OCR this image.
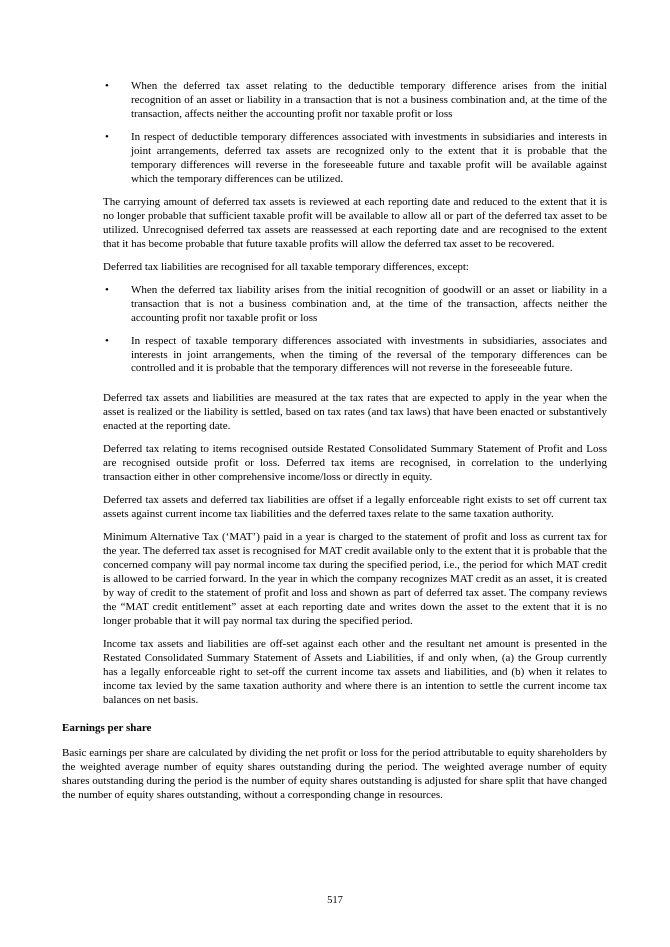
•	When the deferred tax asset relating to the deductible temporary difference arises from the initial recognition of an asset or liability in a transaction that is not a business combination and, at the time of the transaction, affects neither the accounting profit nor taxable profit or loss
•	In respect of deductible temporary differences associated with investments in subsidiaries and interests in joint arrangements, deferred tax assets are recognized only to the extent that it is probable that the temporary differences will reverse in the foreseeable future and taxable profit will be available against which the temporary differences can be utilized.
The carrying amount of deferred tax assets is reviewed at each reporting date and reduced to the extent that it is no longer probable that sufficient taxable profit will be available to allow all or part of the deferred tax asset to be utilized. Unrecognised deferred tax assets are reassessed at each reporting date and are recognised to the extent that it has become probable that future taxable profits will allow the deferred tax asset to be recovered.
Deferred tax liabilities are recognised for all taxable temporary differences, except:
•	When the deferred tax liability arises from the initial recognition of goodwill or an asset or liability in a transaction that is not a business combination and, at the time of the transaction, affects neither the accounting profit nor taxable profit or loss
•	In respect of taxable temporary differences associated with investments in subsidiaries, associates and interests in joint arrangements, when the timing of the reversal of the temporary differences can be controlled and it is probable that the temporary differences will not reverse in the foreseeable future.
Deferred tax assets and liabilities are measured at the tax rates that are expected to apply in the year when the asset is realized or the liability is settled, based on tax rates (and tax laws) that have been enacted or substantively enacted at the reporting date.
Deferred tax relating to items recognised outside Restated Consolidated Summary Statement of Profit and Loss are recognised outside profit or loss. Deferred tax items are recognised, in correlation to the underlying transaction either in other comprehensive income/loss or directly in equity.
Deferred tax assets and deferred tax liabilities are offset if a legally enforceable right exists to set off current tax assets against current income tax liabilities and the deferred taxes relate to the same taxation authority.
Minimum Alternative Tax (‘MAT’) paid in a year is charged to the statement of profit and loss as current tax for the year. The deferred tax asset is recognised for MAT credit available only to the extent that it is probable that the concerned company will pay normal income tax during the specified period, i.e., the period for which MAT credit is allowed to be carried forward. In the year in which the company recognizes MAT credit as an asset, it is created by way of credit to the statement of profit and loss and shown as part of deferred tax asset. The company reviews the “MAT credit entitlement” asset at each reporting date and writes down the asset to the extent that it is no longer probable that it will pay normal tax during the specified period.
Income tax assets and liabilities are off-set against each other and the resultant net amount is presented in the Restated Consolidated Summary Statement of Assets and Liabilities, if and only when, (a) the Group currently has a legally enforceable right to set-off the current income tax assets and liabilities, and (b) when it relates to income tax levied by the same taxation authority and where there is an intention to settle the current income tax balances on net basis.
Earnings per share
Basic earnings per share are calculated by dividing the net profit or loss for the period attributable to equity shareholders by the weighted average number of equity shares outstanding during the period. The weighted average number of equity shares outstanding during the period is the number of equity shares outstanding is adjusted for share split that have changed the number of equity shares outstanding, without a corresponding change in resources.
517
